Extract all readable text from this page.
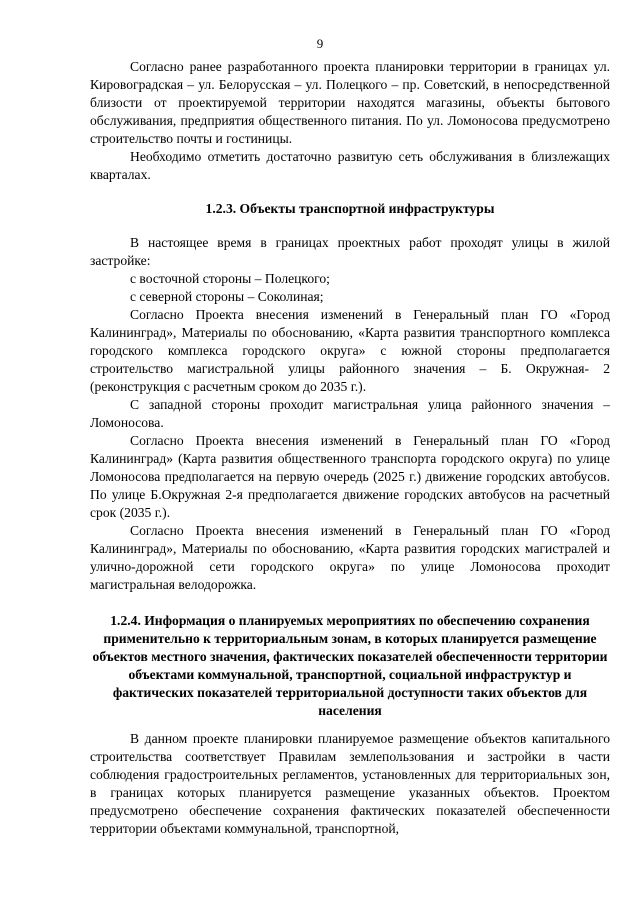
9

Согласно ранее разработанного проекта планировки территории в границах ул. Кировоградская – ул. Белорусская – ул. Полецкого – пр. Советский, в непосредственной близости от проектируемой территории находятся магазины, объекты бытового обслуживания, предприятия общественного питания. По ул. Ломоносова предусмотрено строительство почты и гостиницы.

Необходимо отметить достаточно развитую сеть обслуживания в близлежащих кварталах.

1.2.3. Объекты транспортной инфраструктуры

В настоящее время в границах проектных работ проходят улицы в жилой застройке:

с восточной стороны – Полецкого;

с северной стороны – Соколиная;

Согласно Проекта внесения изменений в Генеральный план ГО «Город Калининград», Материалы по обоснованию, «Карта развития транспортного комплекса городского комплекса городского округа» с южной стороны предполагается строительство магистральной улицы районного значения – Б. Окружная- 2 (реконструкция с расчетным сроком до 2035 г.).

С западной стороны проходит магистральная улица районного значения – Ломоносова.

Согласно Проекта внесения изменений в Генеральный план ГО «Город Калининград» (Карта развития общественного транспорта городского округа) по улице Ломоносова предполагается на первую очередь (2025 г.) движение городских автобусов. По улице Б.Окружная 2-я предполагается движение городских автобусов на расчетный срок (2035 г.).

Согласно Проекта внесения изменений в Генеральный план ГО «Город Калининград», Материалы по обоснованию, «Карта развития городских магистралей и улично-дорожной сети городского округа» по улице Ломоносова проходит магистральная велодорожка.

1.2.4. Информация о планируемых мероприятиях по обеспечению сохранения применительно к территориальным зонам, в которых планируется размещение объектов местного значения, фактических показателей обеспеченности территории объектами коммунальной, транспортной, социальной инфраструктур и фактических показателей территориальной доступности таких объектов для населения

В данном проекте планировки планируемое размещение объектов капитального строительства соответствует Правилам землепользования и застройки в части соблюдения градостроительных регламентов, установленных для территориальных зон, в границах которых планируется размещение указанных объектов. Проектом предусмотрено обеспечение сохранения фактических показателей обеспеченности территории объектами коммунальной, транспортной,
